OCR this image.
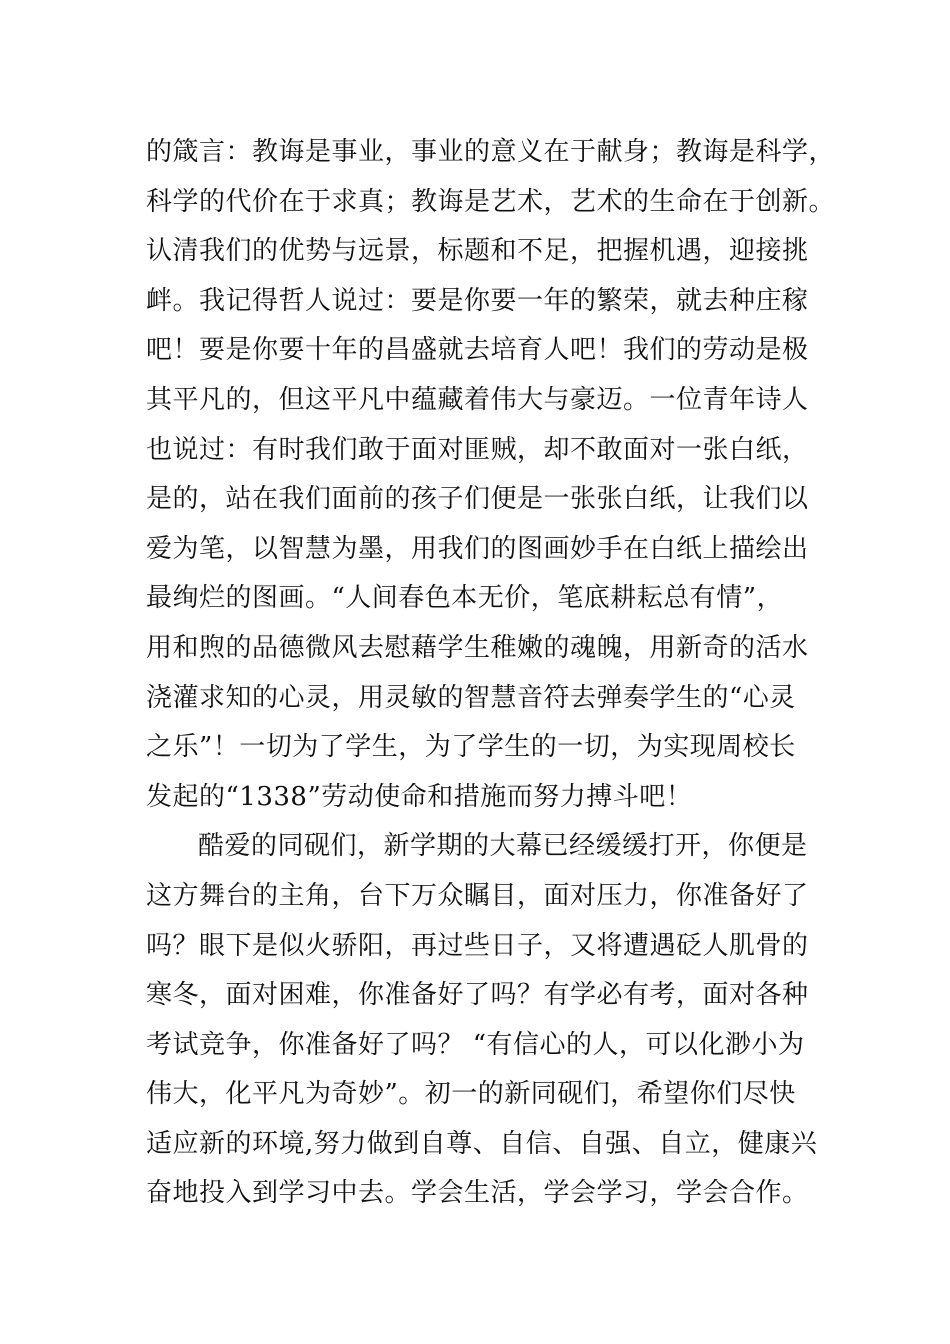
的箴言：教诲是事业，事业的意义在于献身；教诲是科学，
科学的代价在于求真；教诲是艺术，艺术的生命在于创新。
认清我们的优势与远景，标题和不足，把握机遇，迎接挑
衅。我记得哲人说过：要是你要一年的繁荣，就去种庄稼
吧！要是你要十年的昌盛就去培育人吧！我们的劳动是极
其平凡的，但这平凡中蕴藏着伟大与豪迈。一位青年诗人
也说过：有时我们敢于面对匪贼，却不敢面对一张白纸，
是的，站在我们面前的孩子们便是一张张白纸，让我们以
爱为笔，以智慧为墨，用我们的图画妙手在白纸上描绘出
最绚烂的图画。“人间春色本无价，笔底耕耘总有情”，
用和煦的品德微风去慰藉学生稚嫩的魂魄，用新奇的活水
浇灌求知的心灵，用灵敏的智慧音符去弹奏学生的“心灵
之乐”！一切为了学生，为了学生的一切，为实现周校长
发起的“1338”劳动使命和措施而努力搏斗吧！
酷爱的同砚们，新学期的大幕已经缓缓打开，你便是
这方舞台的主角，台下万众瞩目，面对压力，你准备好了
吗？眼下是似火骄阳，再过些日子，又将遭遇砭人肌骨的
寒冬，面对困难，你准备好了吗？有学必有考，面对各种
考试竞争，你准备好了吗？ “有信心的人，可以化渺小为
伟大，化平凡为奇妙”。初一的新同砚们，希望你们尽快
适应新的环境,努力做到自尊、自信、自强、自立，健康兴
奋地投入到学习中去。学会生活，学会学习，学会合作。
